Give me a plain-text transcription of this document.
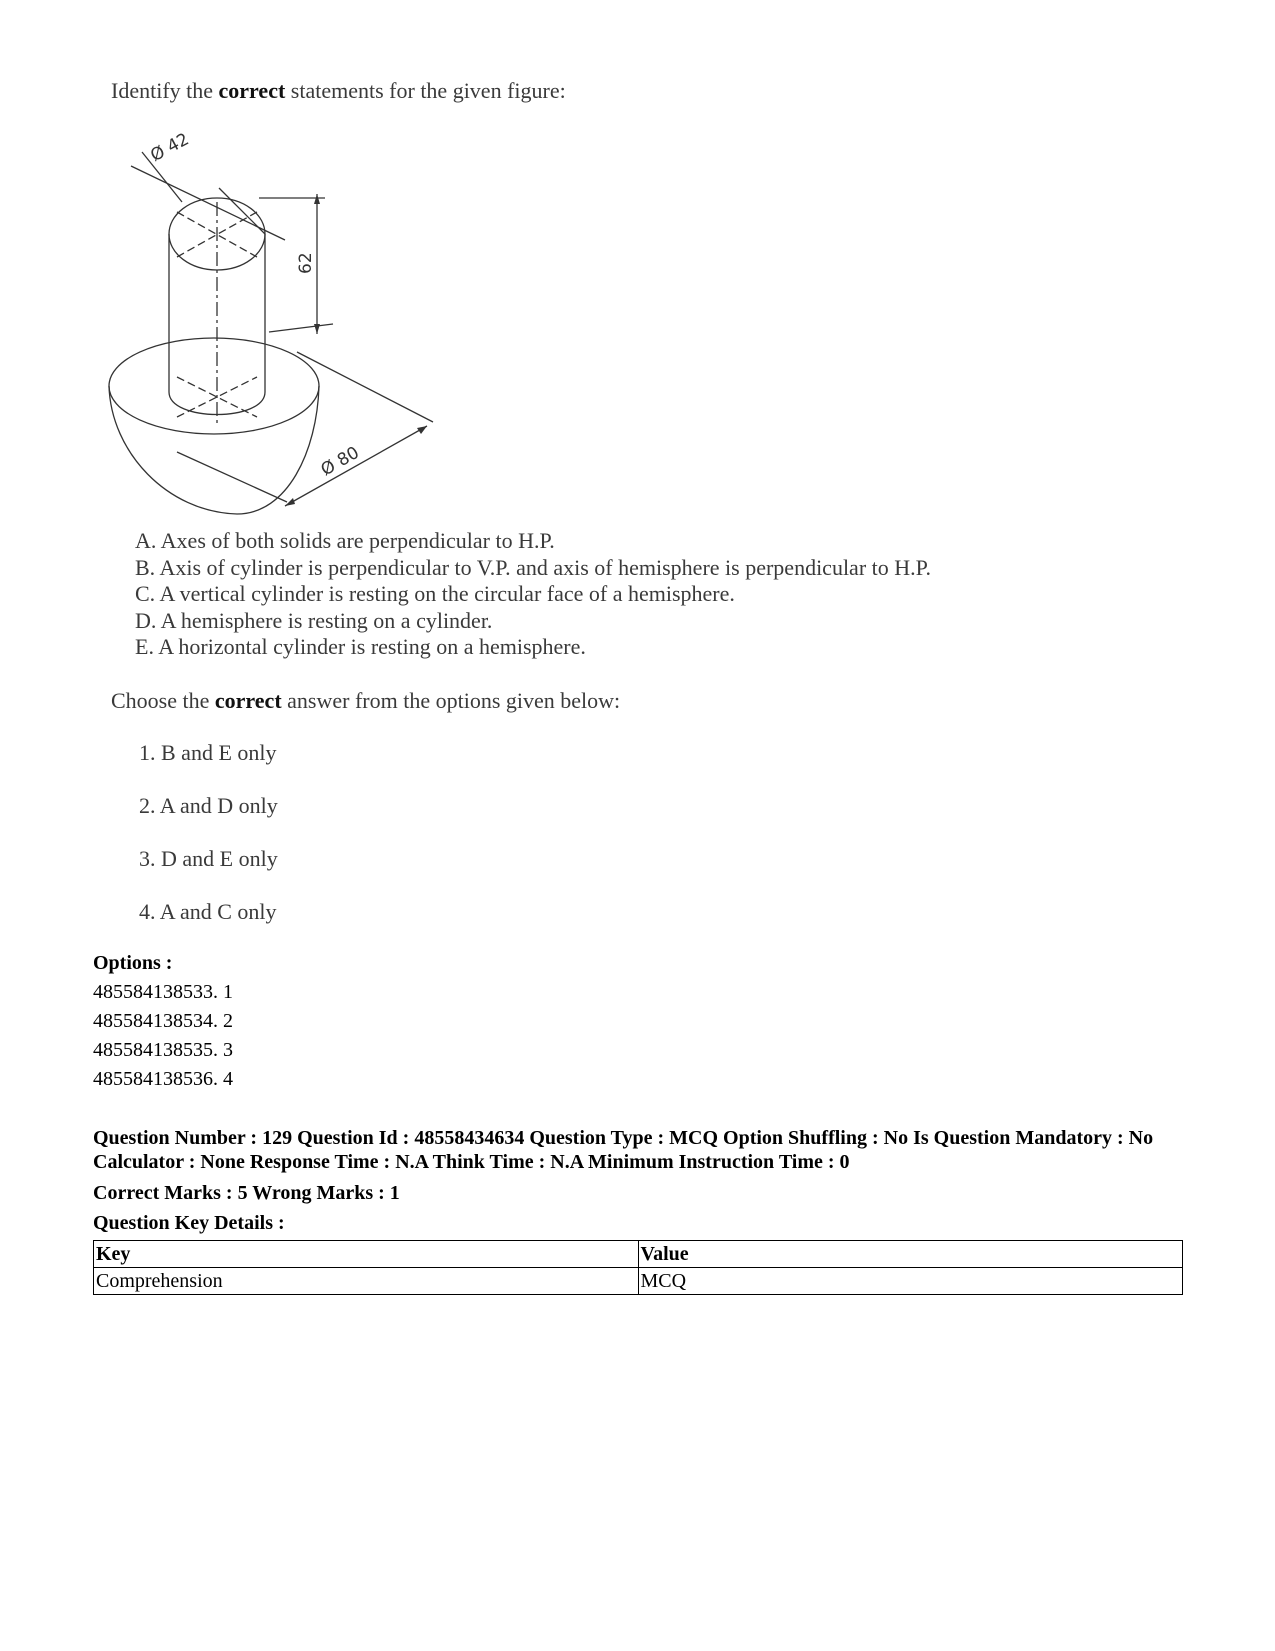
Identify the correct statements for the given figure:

Ø 42
62
Ø 80
A. Axes of both solids are perpendicular to H.P.
B. Axis of cylinder is perpendicular to V.P. and axis of hemisphere is perpendicular to H.P.
C. A vertical cylinder is resting on the circular face of a hemisphere.
D. A hemisphere is resting on a cylinder.
E. A horizontal cylinder is resting on a hemisphere.

Choose the correct answer from the options given below:

1. B and E only
2. A and D only
3. D and E only
4. A and C only

Options :

485584138533. 1
485584138534. 2
485584138535. 3
485584138536. 4

Question Number : 129 Question Id : 48558434634 Question Type : MCQ Option Shuffling : No Is Question Mandatory : No Calculator : None Response Time : N.A Think Time : N.A Minimum Instruction Time : 0

Correct Marks : 5 Wrong Marks : 1

Question Key Details :

Key	Value
Comprehension	MCQ
